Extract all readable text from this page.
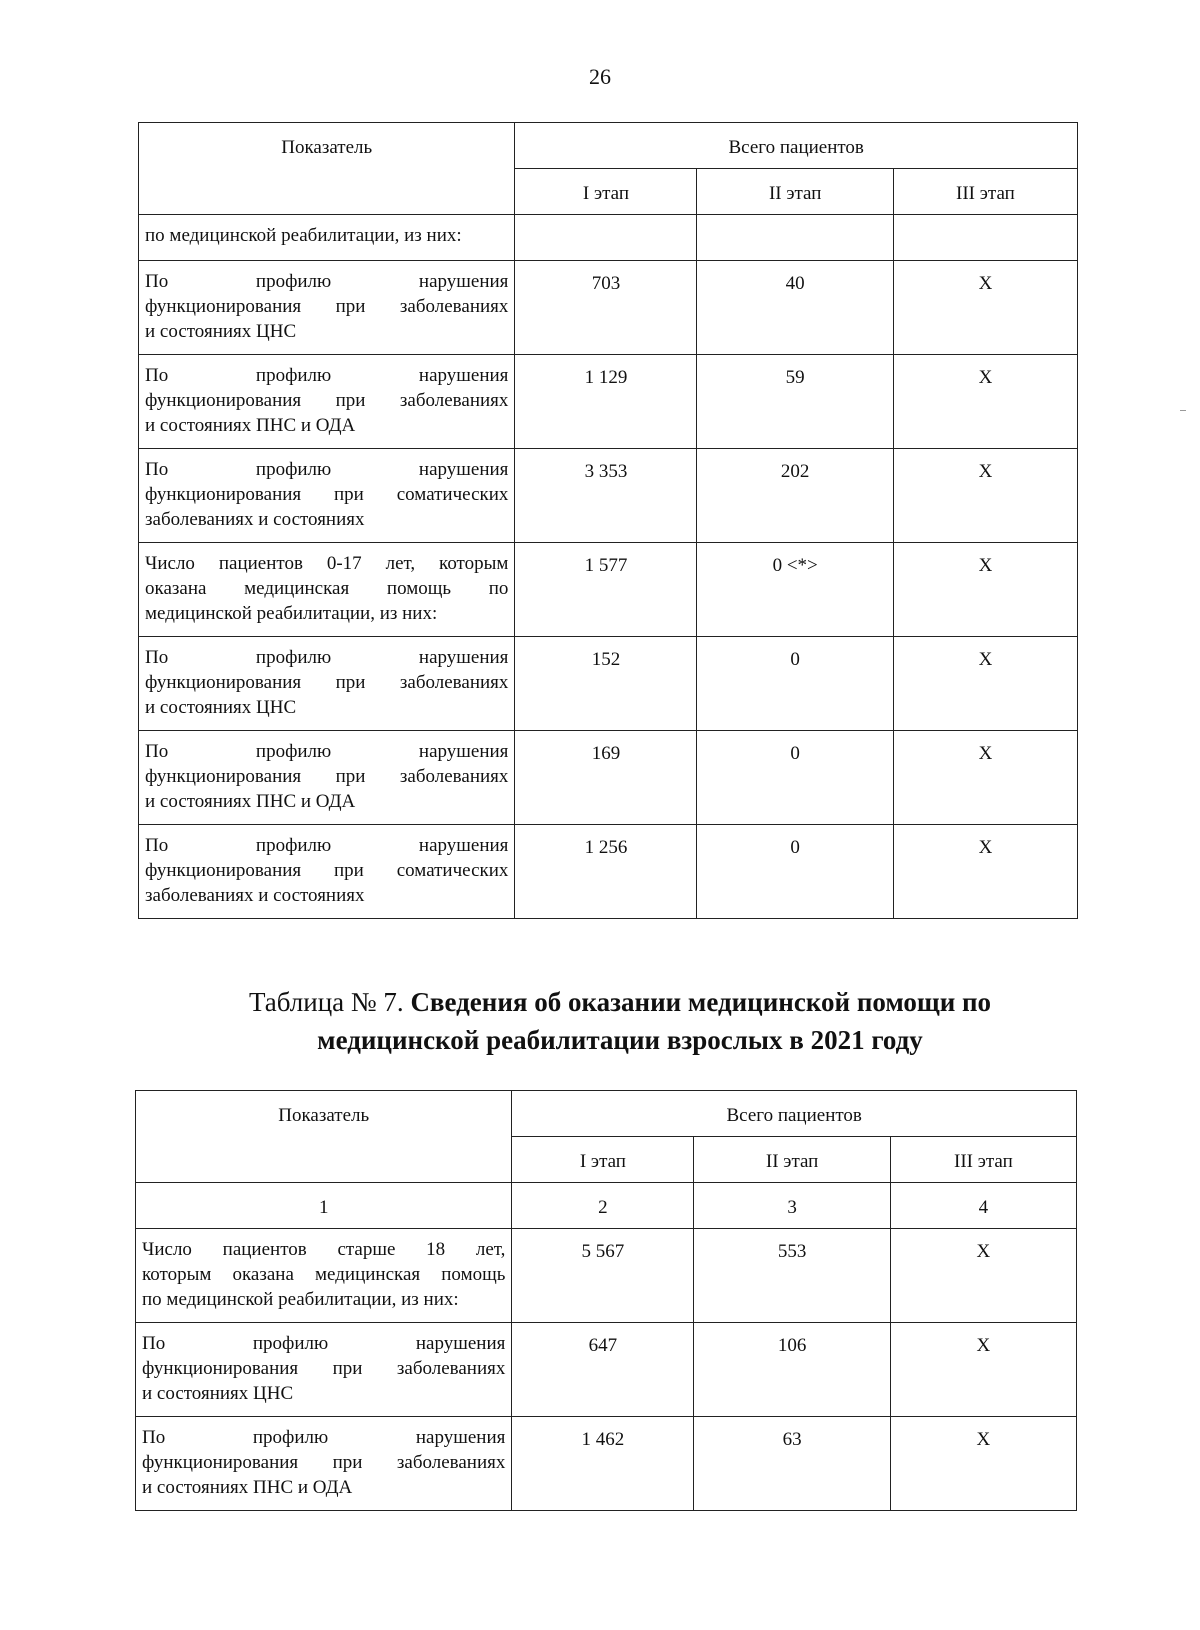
26
Показатель	Всего пациентов		
	I этап	II этап	III этап

по медицинской реабилитации, из них:			

По профилю нарушения
функционирования при заболеваниях
и состояниях ЦНС	703	40	Х

По профилю нарушения
функционирования при заболеваниях
и состояниях ПНС и ОДА	1 129	59	Х

По профилю нарушения
функционирования при соматических
заболеваниях и состояниях	3 353	202	Х

Число пациентов 0-17 лет, которым
оказана медицинская помощь по
медицинской реабилитации, из них:	1 577	0 <*>	Х

По профилю нарушения
функционирования при заболеваниях
и состояниях ЦНС	152	0	Х

По профилю нарушения
функционирования при заболеваниях
и состояниях ПНС и ОДА	169	0	Х

По профилю нарушения
функционирования при соматических
заболеваниях и состояниях	1 256	0	Х
Таблица № 7. Сведения об оказании медицинской помощи по
медицинской реабилитации взрослых в 2021 году
Показатель	Всего пациентов		
	I этап	II этап	III этап
1	2	3	4

Число пациентов старше 18 лет,
которым оказана медицинская помощь
по медицинской реабилитации, из них:	5 567	553	Х

По профилю нарушения
функционирования при заболеваниях
и состояниях ЦНС	647	106	Х

По профилю нарушения
функционирования при заболеваниях
и состояниях ПНС и ОДА	1 462	63	Х
